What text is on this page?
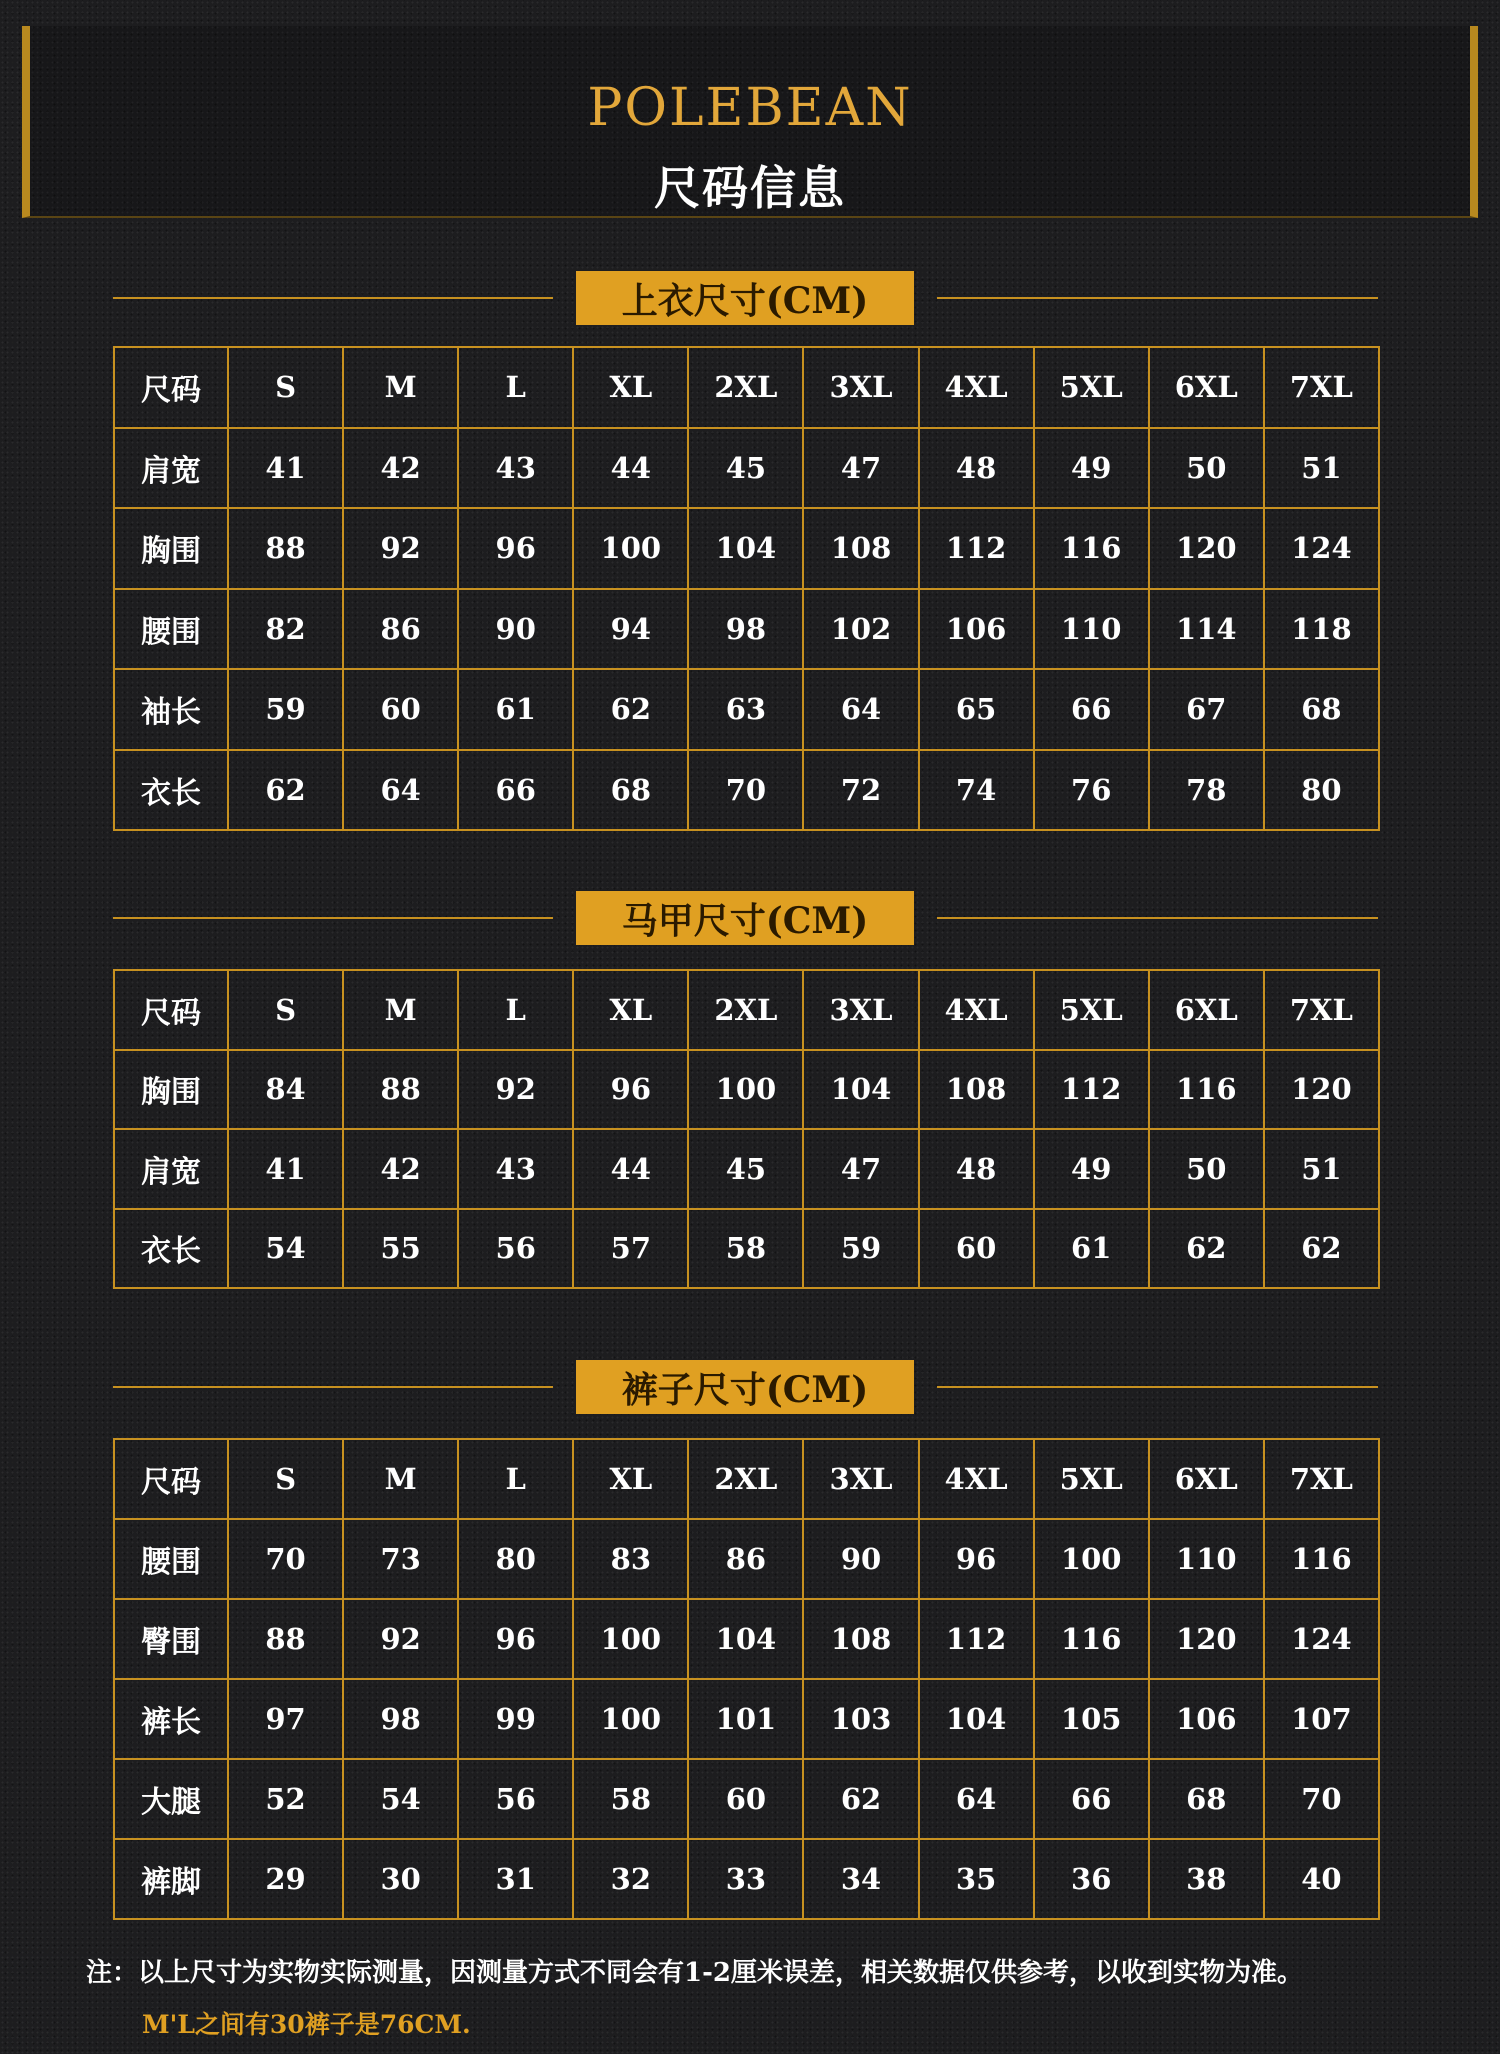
POLEBEAN
尺码信息
上衣尺寸(CM)
尺码	S	M	L	XL	2XL	3XL	4XL	5XL	6XL	7XL
肩宽	41	42	43	44	45	47	48	49	50	51
胸围	88	92	96	100	104	108	112	116	120	124
腰围	82	86	90	94	98	102	106	110	114	118
袖长	59	60	61	62	63	64	65	66	67	68
衣长	62	64	66	68	70	72	74	76	78	80
马甲尺寸(CM)
尺码	S	M	L	XL	2XL	3XL	4XL	5XL	6XL	7XL
胸围	84	88	92	96	100	104	108	112	116	120
肩宽	41	42	43	44	45	47	48	49	50	51
衣长	54	55	56	57	58	59	60	61	62	62
裤子尺寸(CM)
尺码	S	M	L	XL	2XL	3XL	4XL	5XL	6XL	7XL
腰围	70	73	80	83	86	90	96	100	110	116
臀围	88	92	96	100	104	108	112	116	120	124
裤长	97	98	99	100	101	103	104	105	106	107
大腿	52	54	56	58	60	62	64	66	68	70
裤脚	29	30	31	32	33	34	35	36	38	40
注：以上尺寸为实物实际测量，因测量方式不同会有1-2厘米误差，相关数据仅供参考，以收到实物为准。
M'L之间有30裤子是76CM.
